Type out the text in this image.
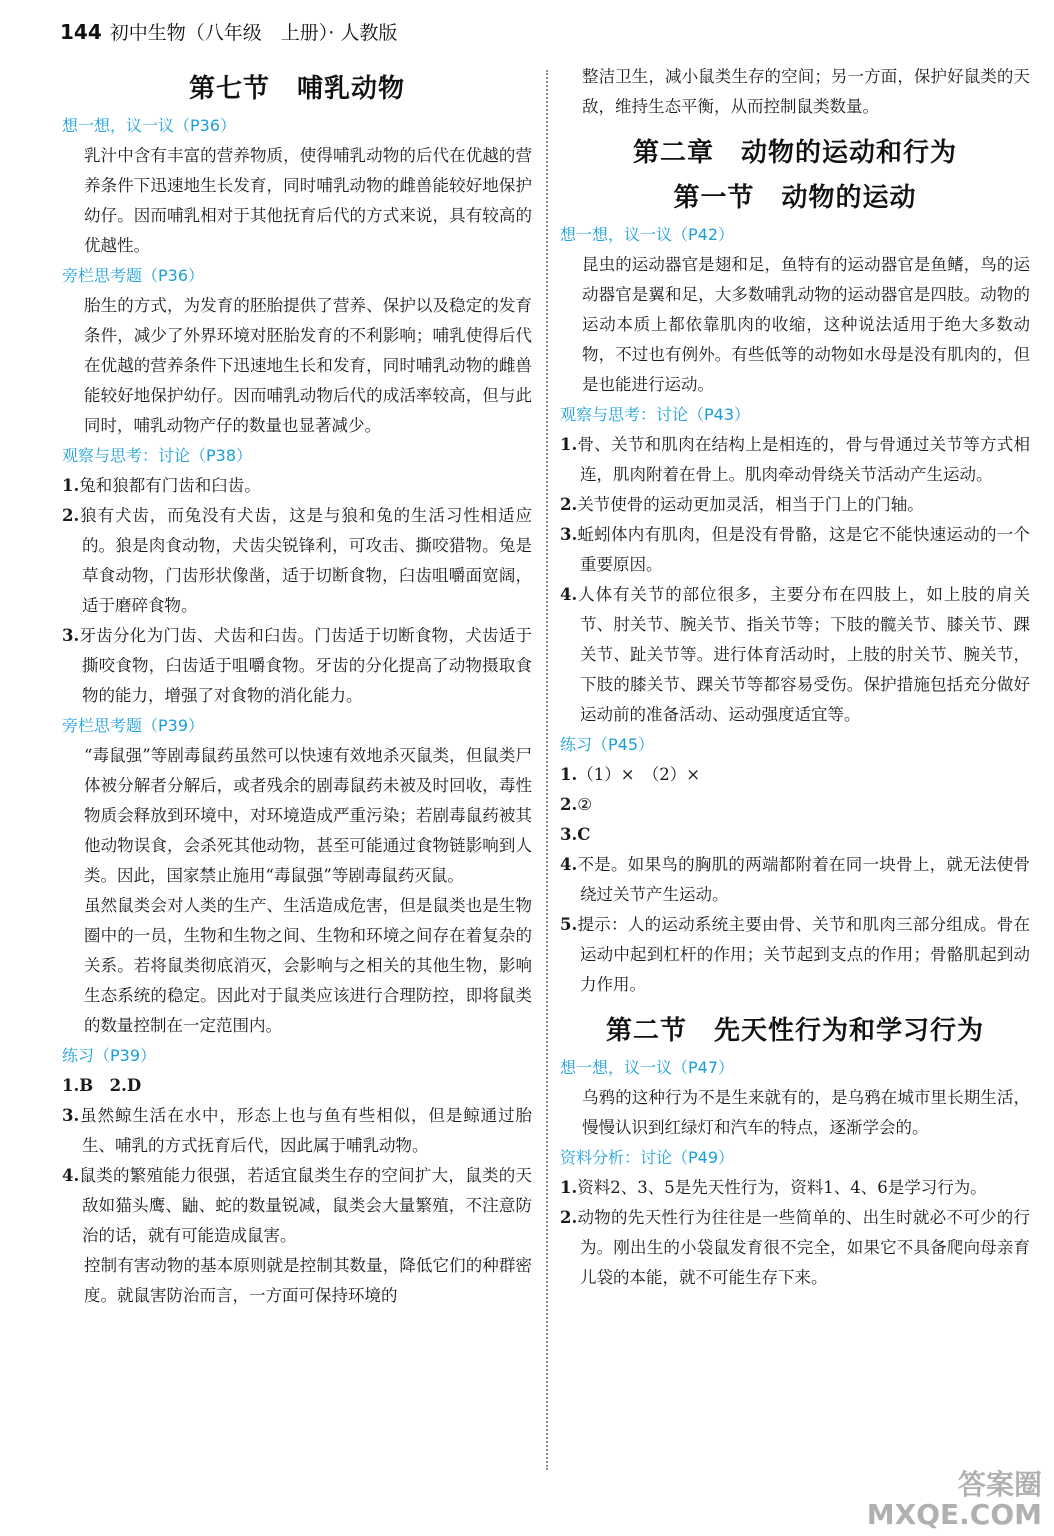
144 初中生物（八年级　上册）· 人教版
第七节　哺乳动物
想一想，议一议（P36）

乳汁中含有丰富的营养物质，使得哺乳动物的后代在优越的营养条件下迅速地生长发育，同时哺乳动物的雌兽能较好地保护幼仔。因而哺乳相对于其他抚育后代的方式来说，具有较高的优越性。

旁栏思考题（P36）

胎生的方式，为发育的胚胎提供了营养、保护以及稳定的发育条件，减少了外界环境对胚胎发育的不利影响；哺乳使得后代在优越的营养条件下迅速地生长和发育，同时哺乳动物的雌兽能较好地保护幼仔。因而哺乳动物后代的成活率较高，但与此同时，哺乳动物产仔的数量也显著减少。

观察与思考：讨论（P38）

1.兔和狼都有门齿和臼齿。

2.狼有犬齿，而兔没有犬齿，这是与狼和兔的生活习性相适应的。狼是肉食动物，犬齿尖锐锋利，可攻击、撕咬猎物。兔是草食动物，门齿形状像凿，适于切断食物，臼齿咀嚼面宽阔，适于磨碎食物。

3.牙齿分化为门齿、犬齿和臼齿。门齿适于切断食物，犬齿适于撕咬食物，臼齿适于咀嚼食物。牙齿的分化提高了动物摄取食物的能力，增强了对食物的消化能力。

旁栏思考题（P39）

“毒鼠强”等剧毒鼠药虽然可以快速有效地杀灭鼠类，但鼠类尸体被分解者分解后，或者残余的剧毒鼠药未被及时回收，毒性物质会释放到环境中，对环境造成严重污染；若剧毒鼠药被其他动物误食，会杀死其他动物，甚至可能通过食物链影响到人类。因此，国家禁止施用“毒鼠强”等剧毒鼠药灭鼠。

虽然鼠类会对人类的生产、生活造成危害，但是鼠类也是生物圈中的一员，生物和生物之间、生物和环境之间存在着复杂的关系。若将鼠类彻底消灭，会影响与之相关的其他生物，影响生态系统的稳定。因此对于鼠类应该进行合理防控，即将鼠类的数量控制在一定范围内。

练习（P39）

1.B　2.D

3.虽然鲸生活在水中，形态上也与鱼有些相似，但是鲸通过胎生、哺乳的方式抚育后代，因此属于哺乳动物。

4.鼠类的繁殖能力很强，若适宜鼠类生存的空间扩大，鼠类的天敌如猫头鹰、鼬、蛇的数量锐减，鼠类会大量繁殖，不注意防治的话，就有可能造成鼠害。

控制有害动物的基本原则就是控制其数量，降低它们的种群密度。就鼠害防治而言，一方面可保持环境的

整洁卫生，减小鼠类生存的空间；另一方面，保护好鼠类的天敌，维持生态平衡，从而控制鼠类数量。

第二章　动物的运动和行为
第一节　动物的运动
想一想，议一议（P42）

昆虫的运动器官是翅和足，鱼特有的运动器官是鱼鳍，鸟的运动器官是翼和足，大多数哺乳动物的运动器官是四肢。动物的运动本质上都依靠肌肉的收缩，这种说法适用于绝大多数动物，不过也有例外。有些低等的动物如水母是没有肌肉的，但是也能进行运动。

观察与思考：讨论（P43）

1.骨、关节和肌肉在结构上是相连的，骨与骨通过关节等方式相连，肌肉附着在骨上。肌肉牵动骨绕关节活动产生运动。

2.关节使骨的运动更加灵活，相当于门上的门轴。

3.蚯蚓体内有肌肉，但是没有骨骼，这是它不能快速运动的一个重要原因。

4.人体有关节的部位很多，主要分布在四肢上，如上肢的肩关节、肘关节、腕关节、指关节等；下肢的髋关节、膝关节、踝关节、趾关节等。进行体育活动时，上肢的肘关节、腕关节，下肢的膝关节、踝关节等都容易受伤。保护措施包括充分做好运动前的准备活动、运动强度适宜等。

练习（P45）

1.（1）×　（2）×

2.②

3.C

4.不是。如果鸟的胸肌的两端都附着在同一块骨上，就无法使骨绕过关节产生运动。

5.提示：人的运动系统主要由骨、关节和肌肉三部分组成。骨在运动中起到杠杆的作用；关节起到支点的作用；骨骼肌起到动力作用。

第二节　先天性行为和学习行为
想一想，议一议（P47）

乌鸦的这种行为不是生来就有的，是乌鸦在城市里长期生活，慢慢认识到红绿灯和汽车的特点，逐渐学会的。

资料分析：讨论（P49）

1.资料2、3、5是先天性行为，资料1、4、6是学习行为。

2.动物的先天性行为往往是一些简单的、出生时就必不可少的行为。刚出生的小袋鼠发育很不完全，如果它不具备爬向母亲育儿袋的本能，就不可能生存下来。

答案圈
MXQE.COM
